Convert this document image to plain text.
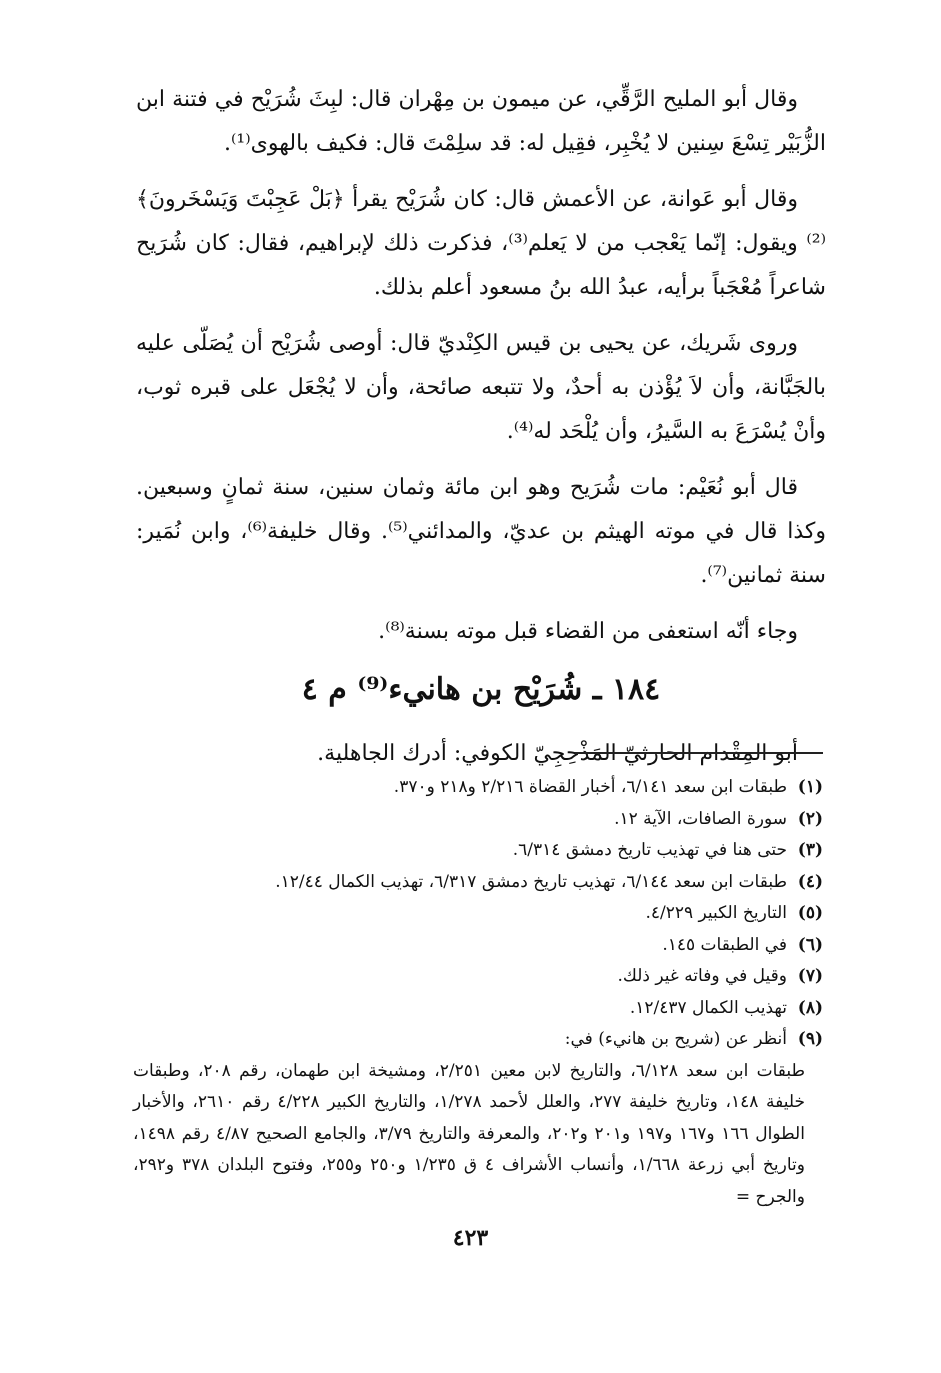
وقال أبو المليح الرَّقِّي، عن ميمون بن مِهْران قال: لبِثَ شُرَيْح في فتنة ابن الزُّبَيْر تِسْعَ سِنين لا يُخْبِر، فقِيل له: قد سلِمْتَ قال: فكيف بالهوى⁽¹⁾.

وقال أبو عَوانة، عن الأعمش قال: كان شُرَيْح يقرأ ﴿بَلْ عَجِبْتَ وَيَسْخَرونَ﴾⁽²⁾ ويقول: إنّما يَعْجب من لا يَعلم⁽³⁾، فذكرت ذلك لإبراهيم، فقال: كان شُرَيح شاعراً مُعْجَباً برأيه، عبدُ الله بنُ مسعود أعلم بذلك.

وروى شَريك، عن يحيى بن قيس الكِنْديّ قال: أوصى شُرَيْح أن يُصَلّى عليه بالجَبَّانة، وأن لاَ يُؤْذن به أحدٌ، ولا تتبعه صائحة، وأن لا يُجْعَل على قبره ثوب، وأنْ يُسْرَعَ به السَّيرُ، وأن يُلْحَد له⁽⁴⁾.

قال أبو نُعَيْم: مات شُرَيح وهو ابن مائة وثمان سنين، سنة ثمانٍ وسبعين. وكذا قال في موته الهيثم بن عديّ، والمدائني⁽⁵⁾. وقال خليفة⁽⁶⁾، وابن نُمَير: سنة ثمانين⁽⁷⁾.

وجاء أنّه استعفى من القضاء قبل موته بسنة⁽⁸⁾.

١٨٤ ـ شُرَيْح بن هانيء⁽⁹⁾ م ٤

أبو المِقْدام الحارثيّ المَذْحِجِيّ الكوفي: أدرك الجاهلية.

(١)
طبقات ابن سعد ٦/١٤١، أخبار القضاة ٢/٢١٦ و٢١٨ و٣٧٠.
(٢)
سورة الصافات، الآية ١٢.
(٣)
حتى هنا في تهذيب تاريخ دمشق ٦/٣١٤.
(٤)
طبقات ابن سعد ٦/١٤٤، تهذيب تاريخ دمشق ٦/٣١٧، تهذيب الكمال ١٢/٤٤.
(٥)
التاريخ الكبير ٤/٢٢٩.
(٦)
في الطبقات ١٤٥.
(٧)
وقيل في وفاته غير ذلك.
(٨)
تهذيب الكمال ١٢/٤٣٧.
(٩)
أنظر عن (شريح بن هانيء) في:
طبقات ابن سعد ٦/١٢٨، والتاريخ لابن معين ٢/٢٥١، ومشيخة ابن طهمان، رقم ٢٠٨، وطبقات خليفة ١٤٨، وتاريخ خليفة ٢٧٧، والعلل لأحمد ١/٢٧٨، والتاريخ الكبير ٤/٢٢٨ رقم ٢٦١٠، والأخبار الطوال ١٦٦ و١٦٧ و١٩٧ و٢٠١ و٢٠٢، والمعرفة والتاريخ ٣/٧٩، والجامع الصحيح ٤/٨٧ رقم ١٤٩٨، وتاريخ أبي زرعة ١/٦٦٨، وأنساب الأشراف ٤ ق ١/٢٣٥ و٢٥٠ و٢٥٥، وفتوح البلدان ٣٧٨ و٢٩٢، والجرح =
٤٢٣
